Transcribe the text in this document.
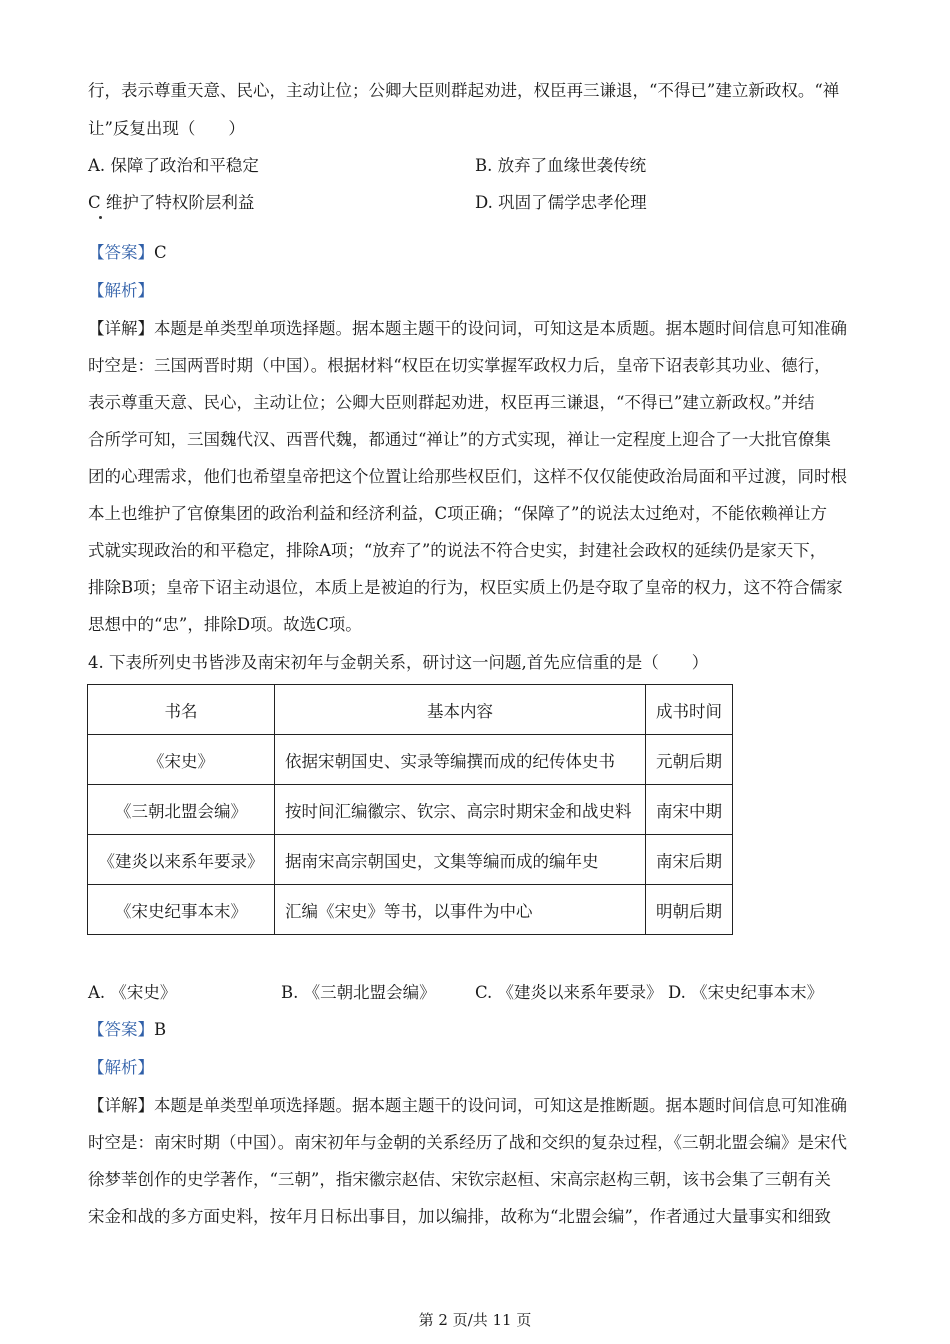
行，表示尊重天意、民心，主动让位；公卿大臣则群起劝进，权臣再三谦退，“不得已”建立新政权。“禅
让”反复出现（　　）
A. 保障了政治和平稳定	B. 放弃了血缘世袭传统
C 维护了特权阶层利益	D. 巩固了儒学忠孝伦理
【答案】C
【解析】
【详解】本题是单类型单项选择题。据本题主题干的设问词，可知这是本质题。据本题时间信息可知准确
时空是：三国两晋时期（中国）。根据材料“权臣在切实掌握军政权力后，皇帝下诏表彰其功业、德行，
表示尊重天意、民心，主动让位；公卿大臣则群起劝进，权臣再三谦退，“不得已”建立新政权。”并结
合所学可知，三国魏代汉、西晋代魏，都通过“禅让”的方式实现，禅让一定程度上迎合了一大批官僚集
团的心理需求，他们也希望皇帝把这个位置让给那些权臣们，这样不仅仅能使政治局面和平过渡，同时根
本上也维护了官僚集团的政治利益和经济利益，C项正确；“保障了”的说法太过绝对，不能依赖禅让方
式就实现政治的和平稳定，排除A项；“放弃了”的说法不符合史实，封建社会政权的延续仍是家天下，
排除B项；皇帝下诏主动退位，本质上是被迫的行为，权臣实质上仍是夺取了皇帝的权力，这不符合儒家
思想中的“忠”，排除D项。故选C项。
4. 下表所列史书皆涉及南宋初年与金朝关系，研讨这一问题,首先应信重的是（　　）
书名	基本内容	成书时间
《宋史》	依据宋朝国史、实录等编撰而成的纪传体史书	元朝后期
《三朝北盟会编》	按时间汇编徽宗、钦宗、高宗时期宋金和战史料	南宋中期
《建炎以来系年要录》	据南宋高宗朝国史，文集等编而成的编年史	南宋后期
《宋史纪事本末》	汇编《宋史》等书，以事件为中心	明朝后期
A. 《宋史》	B. 《三朝北盟会编》 C. 《建炎以来系年要录》 D. 《宋史纪事本末》
【答案】B
【解析】
【详解】本题是单类型单项选择题。据本题主题干的设问词，可知这是推断题。据本题时间信息可知准确
时空是：南宋时期（中国）。南宋初年与金朝的关系经历了战和交织的复杂过程，《三朝北盟会编》是宋代
徐梦莘创作的史学著作，“三朝”，指宋徽宗赵佶、宋钦宗赵桓、宋高宗赵构三朝，该书会集了三朝有关
宋金和战的多方面史料，按年月日标出事目，加以编排，故称为“北盟会编”，作者通过大量事实和细致
第 2 页/共 11 页
